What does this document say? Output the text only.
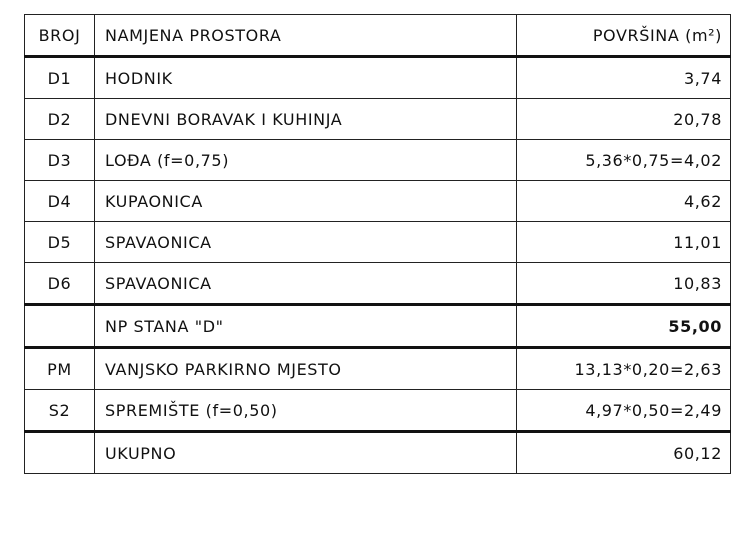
BROJ	NAMJENA PROSTORA	POVRŠINA (m²)
D1	HODNIK	3,74
D2	DNEVNI BORAVAK I KUHINJA	20,78
D3	LOĐA (f=0,75)	5,36*0,75=4,02
D4	KUPAONICA	4,62
D5	SPAVAONICA	11,01
D6	SPAVAONICA	10,83
	NP STANA "D"	55,00
PM	VANJSKO PARKIRNO MJESTO	13,13*0,20=2,63
S2	SPREMIŠTE (f=0,50)	4,97*0,50=2,49
	UKUPNO	60,12
